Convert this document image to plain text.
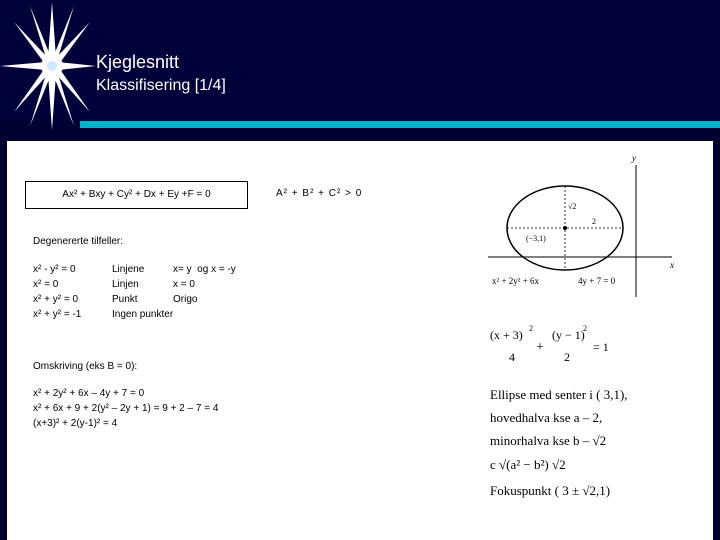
Kjeglesnitt
Klassifisering [1/4]
Ax² + Bxy + Cy² + Dx + Ey +F = 0	A² + B² + C² > 0
Degenererte tilfeller:
x² - y² = 0	Linjene	x= y  og x = -y
x² = 0	Linjen	x = 0
x² + y² = 0	Punkt	Origo
x² + y² = -1	Ingen punkter
Omskriving (eks B = 0):
x² + 2y² + 6x – 4y + 7 = 0
x² + 6x + 9 + 2(y² – 2y + 1) = 9 + 2 – 7 = 4
(x+3)² + 2(y-1)² = 4
y
x
(−3,1)
√2
2
x² + 2y² + 6x	4y + 7 = 0
(x + 3) 2
4
+
(y − 1)
2
2
= 1
Ellipse med senter i ( 3,1),
hovedhalva kse a – 2,
minorhalva kse b – √2
c √(a² − b²) √2
Fokuspunkt ( 3 ± √2,1)
